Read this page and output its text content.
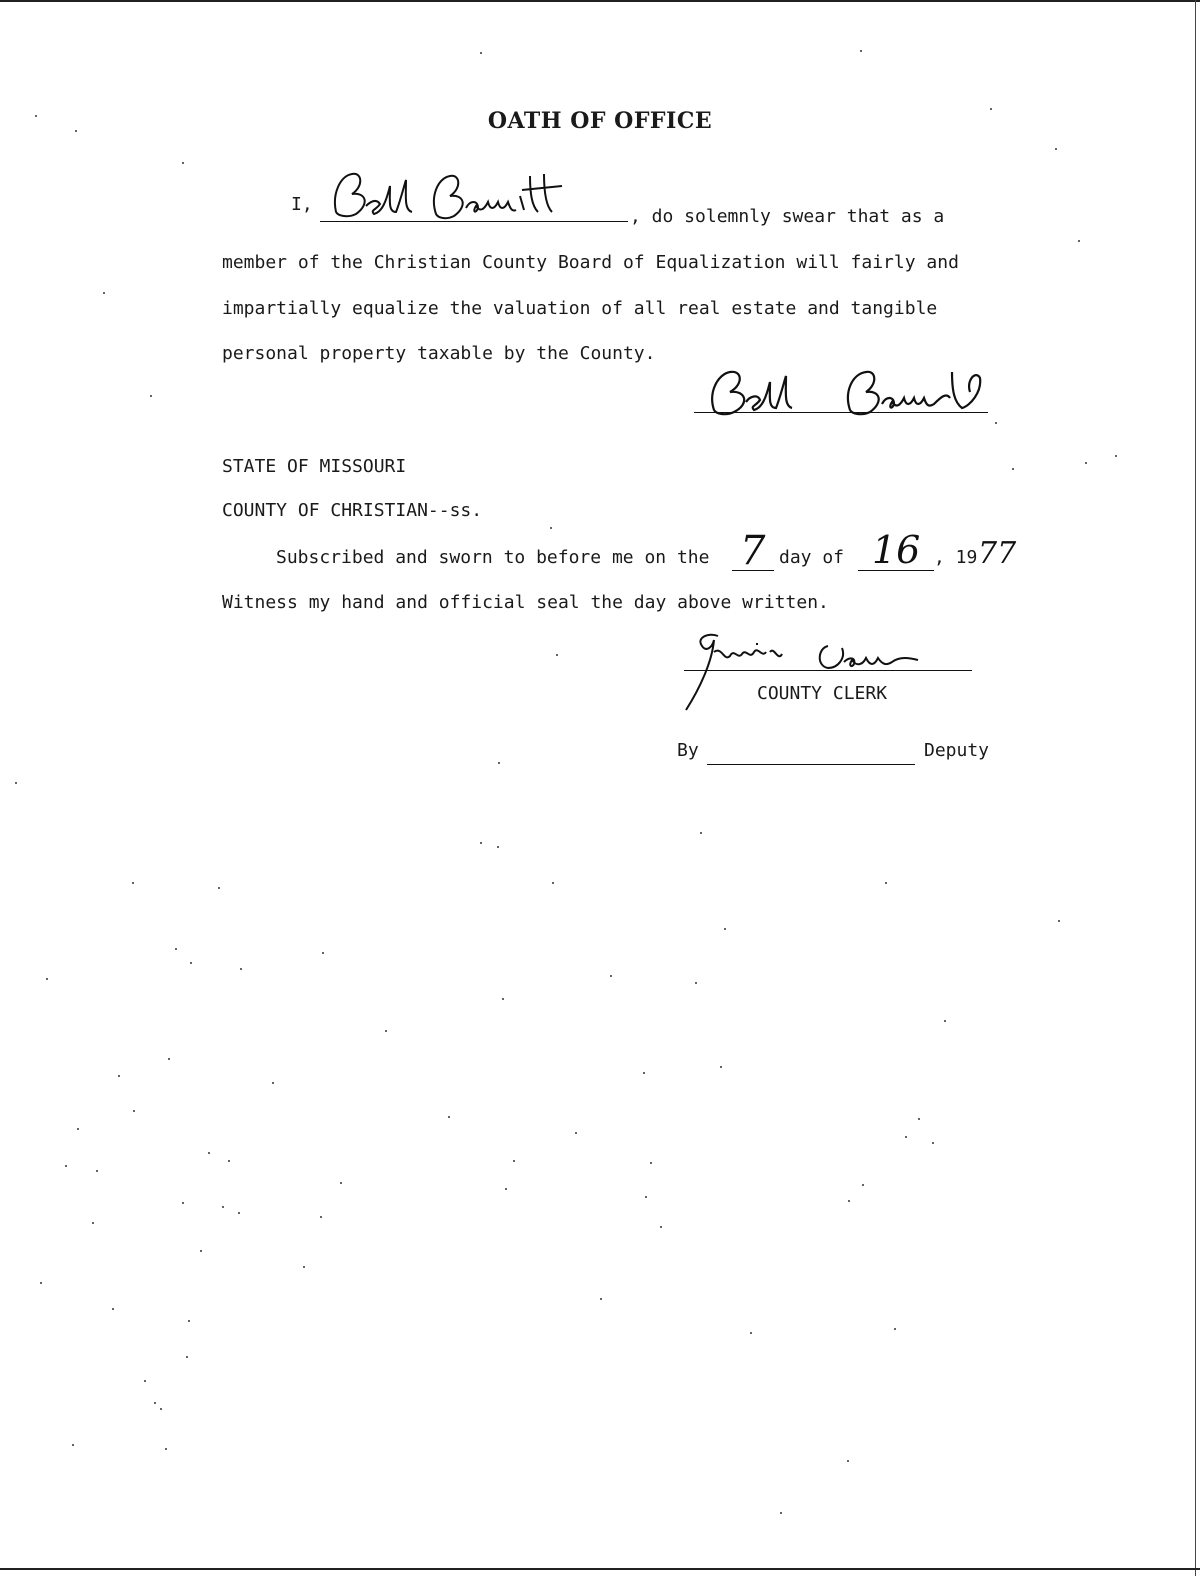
OATH OF OFFICE
I,
, do solemnly swear that as a
member of the Christian County Board of Equalization will fairly and
impartially equalize the valuation of all real estate and tangible
personal property taxable by the County.
STATE OF MISSOURI
COUNTY OF CHRISTIAN--ss.
Subscribed and sworn to before me on the 7 day of 16 , 19 77
Witness my hand and official seal the day above written.
COUNTY CLERK
By	Deputy
